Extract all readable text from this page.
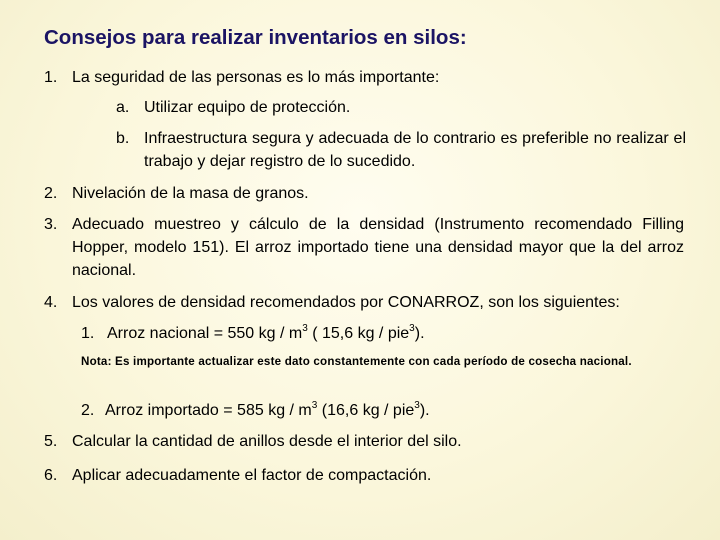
Consejos para realizar inventarios en silos:
1. La seguridad de las personas es lo más importante:
a. Utilizar equipo de protección.
b. Infraestructura segura y adecuada de lo contrario es preferible no realizar el trabajo y dejar registro de lo sucedido.
2. Nivelación de la masa de granos.
3. Adecuado muestreo y cálculo de la densidad (Instrumento recomendado Filling Hopper, modelo 151). El arroz importado tiene una densidad mayor que la del arroz nacional.
4. Los valores de densidad recomendados por CONARROZ, son los siguientes:
1. Arroz nacional = 550 kg / $m^3$ ( 15,6 kg / pie$^3$).
Nota: Es importante actualizar este dato constantemente con cada período de cosecha nacional.
2. Arroz importado = 585 kg / $m^3$ (16,6 kg / pie$^3$).
5. Calcular la cantidad de anillos desde el interior del silo.
6. Aplicar adecuadamente el factor de compactación.
